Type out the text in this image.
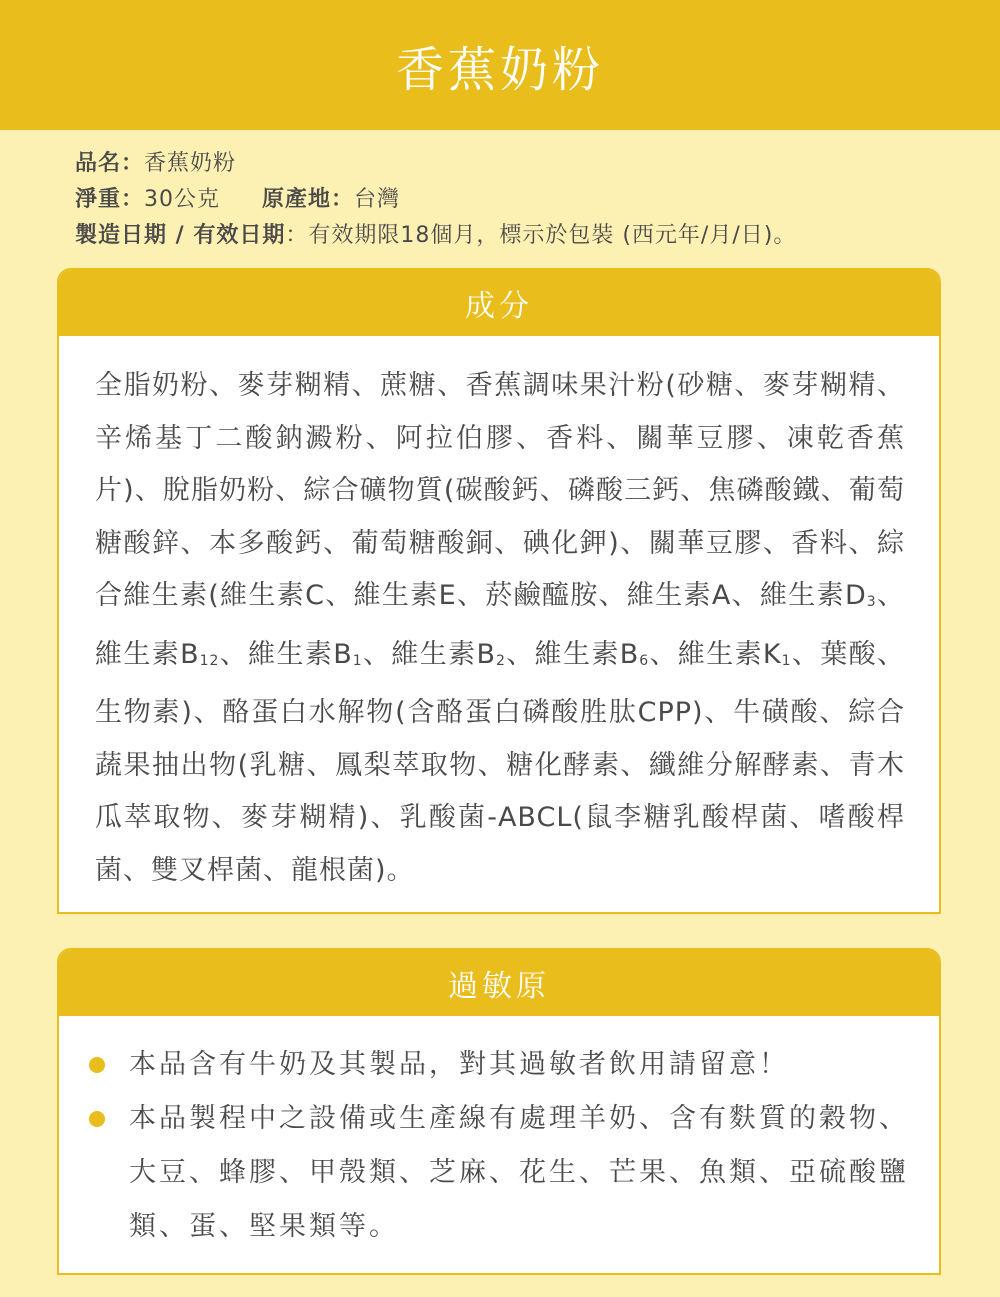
香蕉奶粉
品名：香蕉奶粉
淨重：30公克 原產地：台灣
製造日期 / 有效日期：有效期限18個月，標示於包裝 (西元年/月/日)。
成分
全脂奶粉、麥芽糊精、蔗糖、香蕉調味果汁粉(砂糖、麥芽糊精、辛烯基丁二酸鈉澱粉、阿拉伯膠、香料、關華豆膠、凍乾香蕉片)、脫脂奶粉、綜合礦物質(碳酸鈣、磷酸三鈣、焦磷酸鐵、葡萄糖酸鋅、本多酸鈣、葡萄糖酸銅、碘化鉀)、關華豆膠、香料、綜合維生素(維生素C、維生素E、菸鹼醯胺、維生素A、維生素$D_3$、維生素$B_{12}$、維生素$B_1$、維生素$B_2$、維生素$B_6$、維生素$K_1$、葉酸、生物素)、酪蛋白水解物(含酪蛋白磷酸胜肽CPP)、牛磺酸、綜合蔬果抽出物(乳糖、鳳梨萃取物、糖化酵素、纖維分解酵素、青木瓜萃取物、麥芽糊精)、乳酸菌-ABCL(鼠李糖乳酸桿菌、嗜酸桿菌、雙叉桿菌、龍根菌)。
過敏原
本品含有牛奶及其製品，對其過敏者飲用請留意！
本品製程中之設備或生產線有處理羊奶、含有麩質的穀物、大豆、蜂膠、甲殼類、芝麻、花生、芒果、魚類、亞硫酸鹽類、蛋、堅果類等。
